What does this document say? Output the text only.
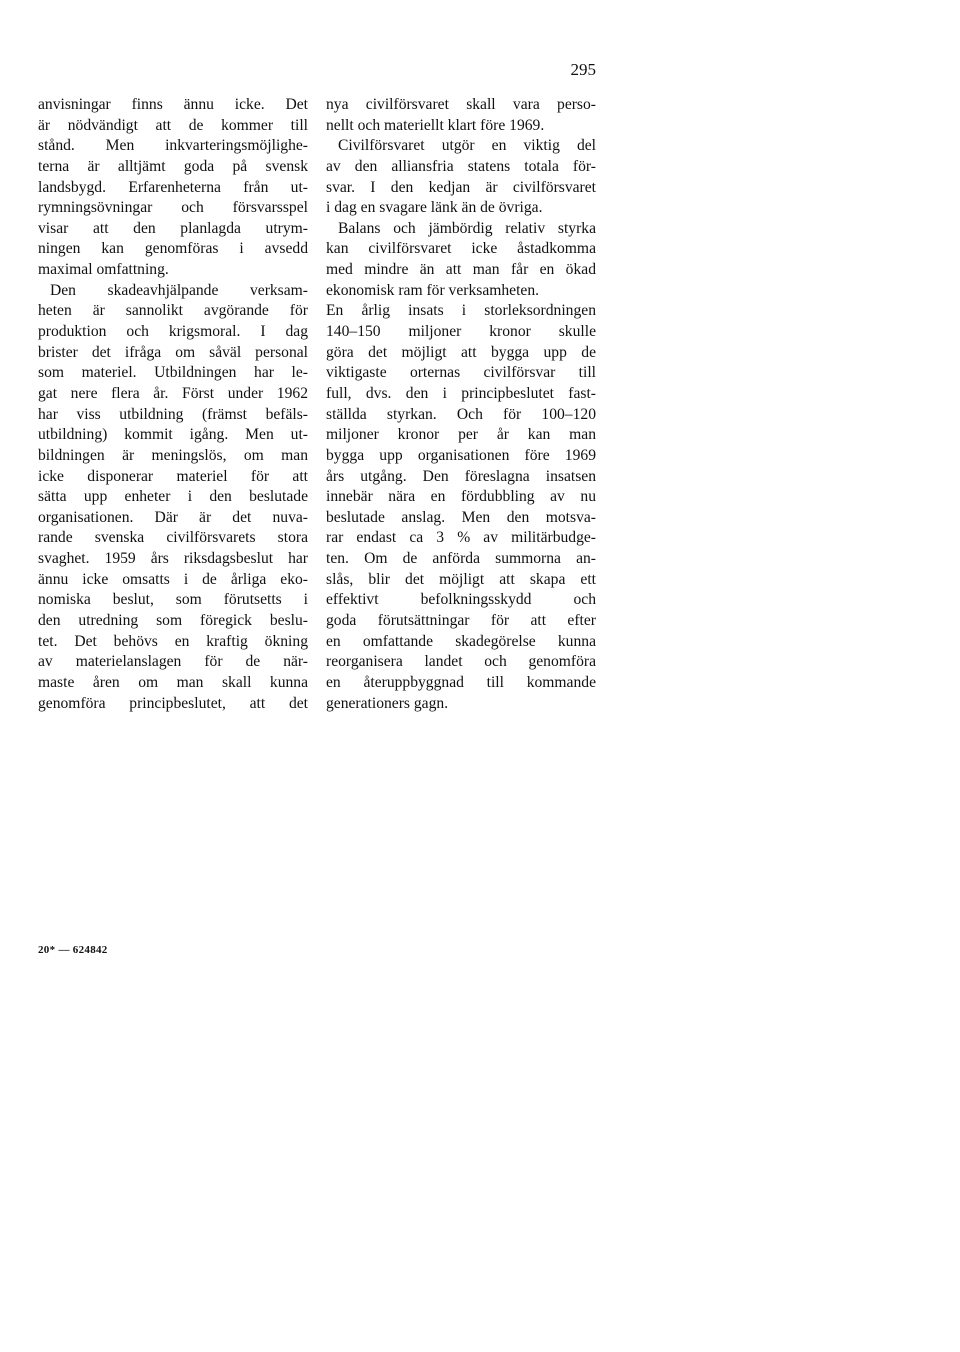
295
anvisningar finns ännu icke. Det
är nödvändigt att de kommer till
stånd. Men inkvarteringsmöjlighe-
terna är alltjämt goda på svensk
landsbygd. Erfarenheterna från ut-
rymningsövningar och försvarsspel
visar att den planlagda utrym-
ningen kan genomföras i avsedd
maximal omfattning.
Den skadeavhjälpande verksam-
heten är sannolikt avgörande för
produktion och krigsmoral. I dag
brister det ifråga om såväl personal
som materiel. Utbildningen har le-
gat nere flera år. Först under 1962
har viss utbildning (främst befäls-
utbildning) kommit igång. Men ut-
bildningen är meningslös, om man
icke disponerar materiel för att
sätta upp enheter i den beslutade
organisationen. Där är det nuva-
rande svenska civilförsvarets stora
svaghet. 1959 års riksdagsbeslut har
ännu icke omsatts i de årliga eko-
nomiska beslut, som förutsetts i
den utredning som föregick beslu-
tet. Det behövs en kraftig ökning
av materielanslagen för de när-
maste åren om man skall kunna
genomföra principbeslutet, att det
nya civilförsvaret skall vara perso-
nellt och materiellt klart före 1969.
Civilförsvaret utgör en viktig del
av den alliansfria statens totala för-
svar. I den kedjan är civilförsvaret
i dag en svagare länk än de övriga.
Balans och jämbördig relativ styrka
kan civilförsvaret icke åstadkomma
med mindre än att man får en ökad
ekonomisk ram för verksamheten.
En årlig insats i storleksordningen
140–150 miljoner kronor skulle
göra det möjligt att bygga upp de
viktigaste orternas civilförsvar till
full, dvs. den i principbeslutet fast-
ställda styrkan. Och för 100–120
miljoner kronor per år kan man
bygga upp organisationen före 1969
års utgång. Den föreslagna insatsen
innebär nära en fördubbling av nu
beslutade anslag. Men den motsva-
rar endast ca 3 % av militärbudge-
ten. Om de anförda summorna an-
slås, blir det möjligt att skapa ett
effektivt befolkningsskydd och
goda förutsättningar för att efter
en omfattande skadegörelse kunna
reorganisera landet och genomföra
en återuppbyggnad till kommande
generationers gagn.
20* — 624842
